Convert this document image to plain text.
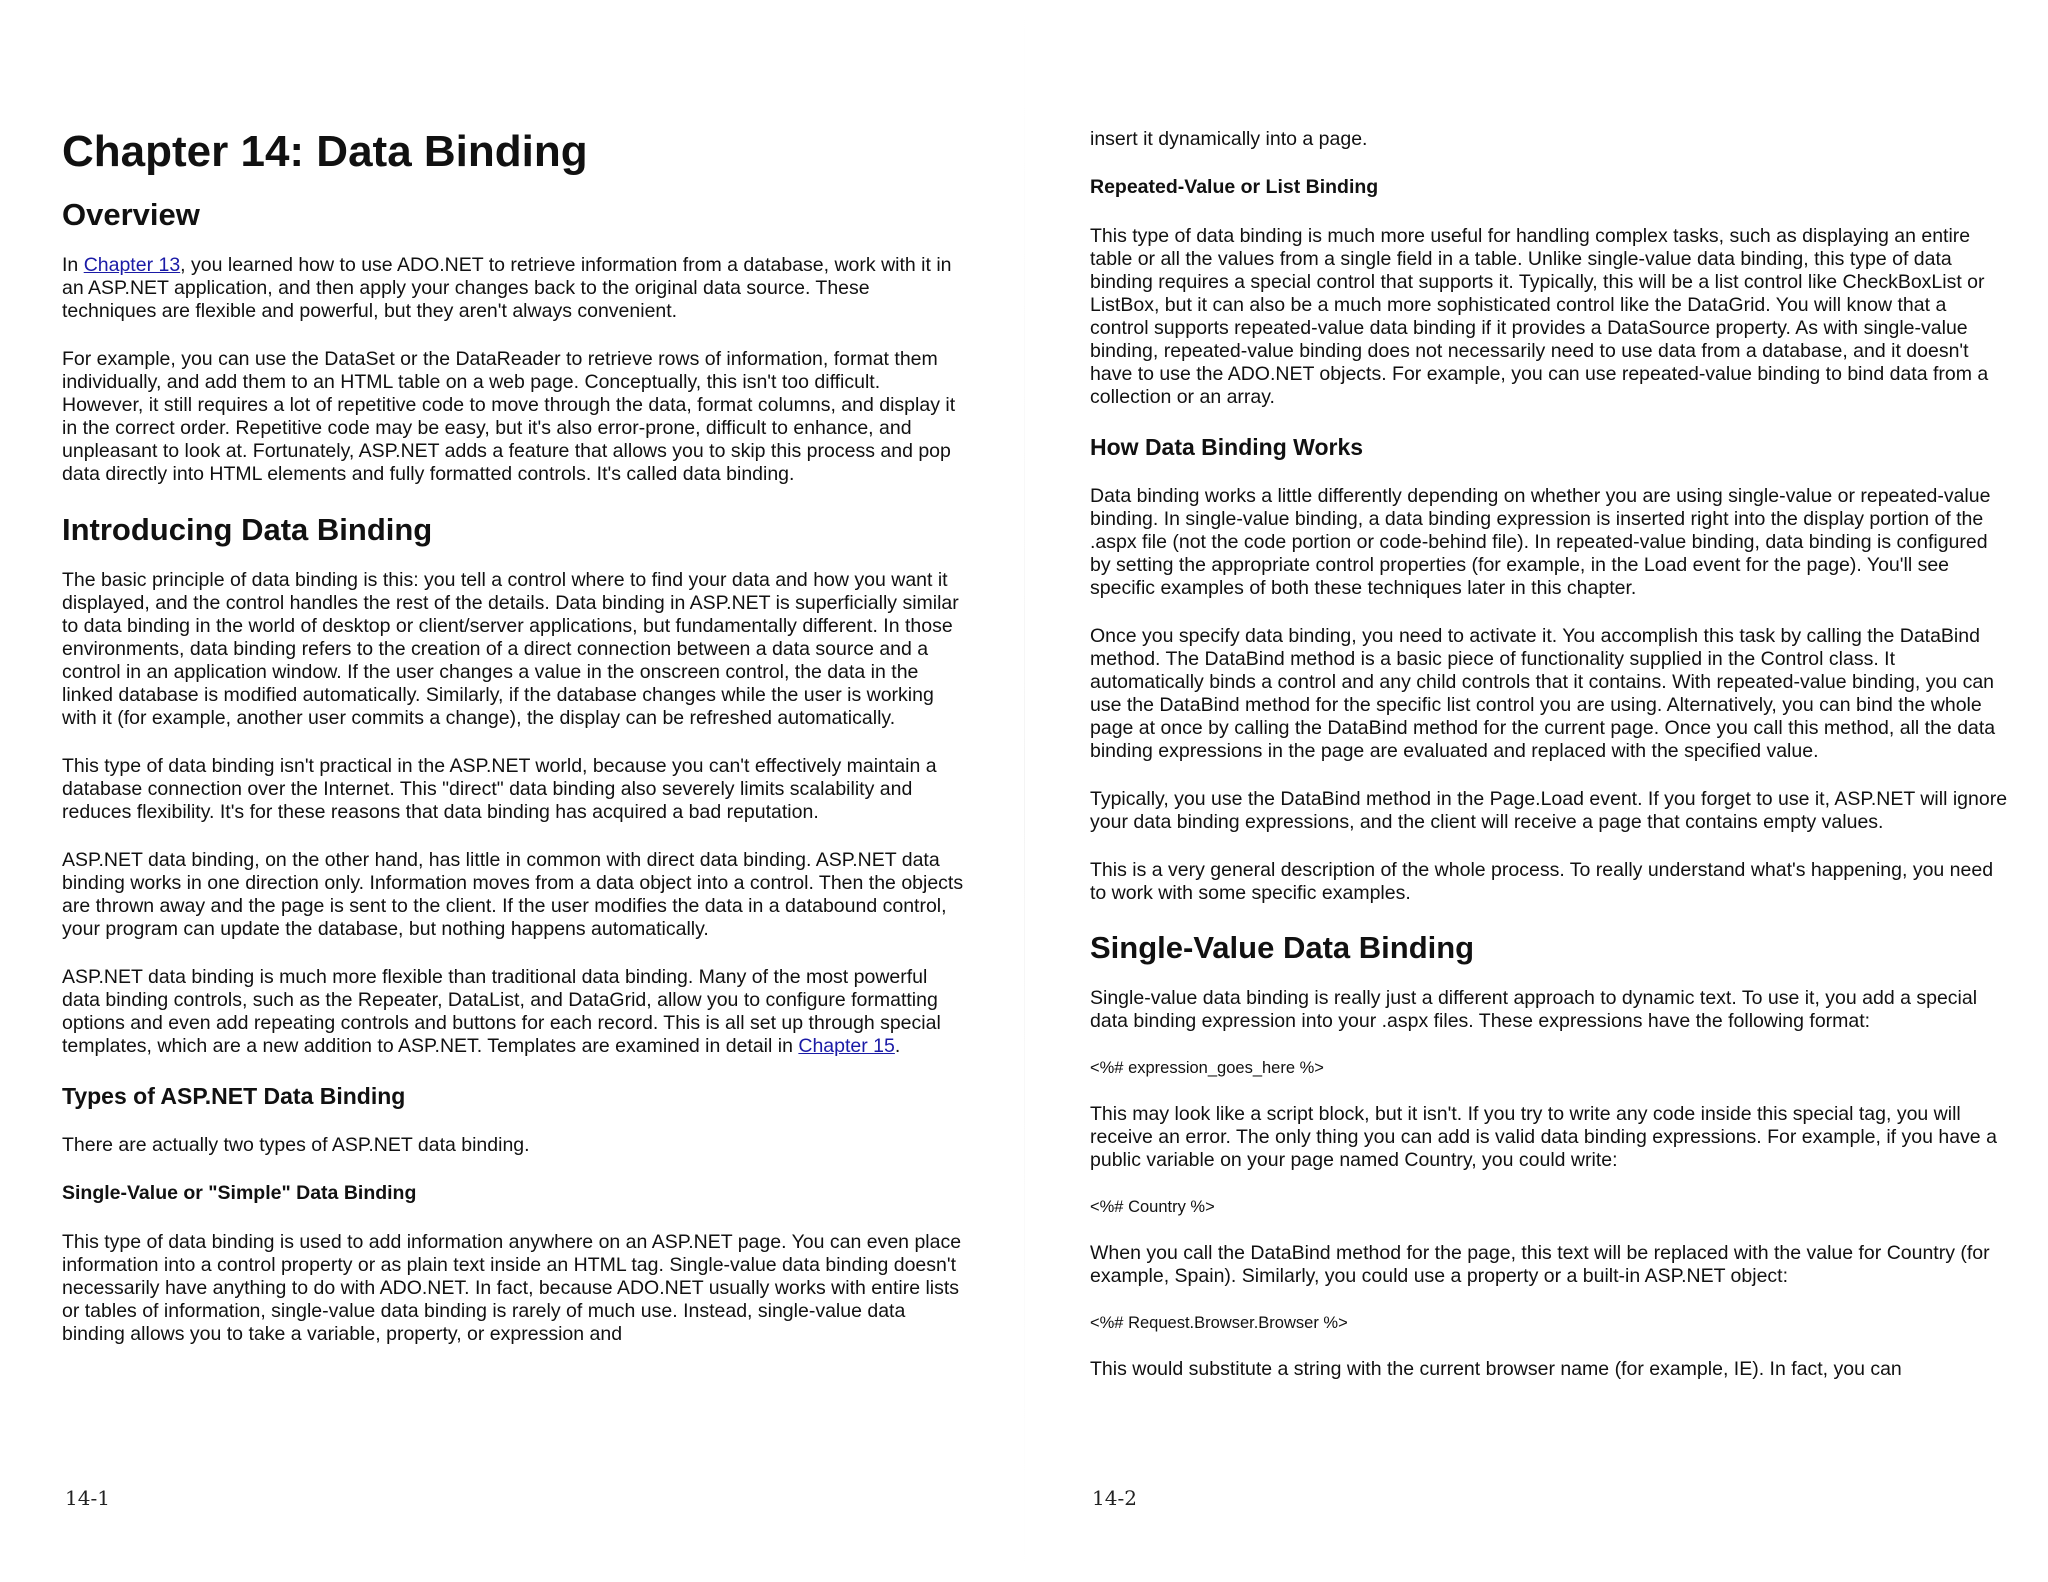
Chapter 14: Data Binding
Overview

In Chapter 13, you learned how to use ADO.NET to retrieve information from a database, work with it in an ASP.NET application, and then apply your changes back to the original data source. These techniques are flexible and powerful, but they aren't always convenient.

For example, you can use the DataSet or the DataReader to retrieve rows of information, format them individually, and add them to an HTML table on a web page. Conceptually, this isn't too difficult. However, it still requires a lot of repetitive code to move through the data, format columns, and display it in the correct order. Repetitive code may be easy, but it's also error-prone, difficult to enhance, and unpleasant to look at. Fortunately, ASP.NET adds a feature that allows you to skip this process and pop data directly into HTML elements and fully formatted controls. It's called data binding.

Introducing Data Binding

The basic principle of data binding is this: you tell a control where to find your data and how you want it displayed, and the control handles the rest of the details. Data binding in ASP.NET is superficially similar to data binding in the world of desktop or client/server applications, but fundamentally different. In those environments, data binding refers to the creation of a direct connection between a data source and a control in an application window. If the user changes a value in the onscreen control, the data in the linked database is modified automatically. Similarly, if the database changes while the user is working with it (for example, another user commits a change), the display can be refreshed automatically.

This type of data binding isn't practical in the ASP.NET world, because you can't effectively maintain a database connection over the Internet. This "direct" data binding also severely limits scalability and reduces flexibility. It's for these reasons that data binding has acquired a bad reputation.

ASP.NET data binding, on the other hand, has little in common with direct data binding. ASP.NET data binding works in one direction only. Information moves from a data object into a control. Then the objects are thrown away and the page is sent to the client. If the user modifies the data in a databound control, your program can update the database, but nothing happens automatically.

ASP.NET data binding is much more flexible than traditional data binding. Many of the most powerful data binding controls, such as the Repeater, DataList, and DataGrid, allow you to configure formatting options and even add repeating controls and buttons for each record. This is all set up through special templates, which are a new addition to ASP.NET. Templates are examined in detail in Chapter 15.

Types of ASP.NET Data Binding

There are actually two types of ASP.NET data binding.

Single-Value or "Simple" Data Binding

This type of data binding is used to add information anywhere on an ASP.NET page. You can even place information into a control property or as plain text inside an HTML tag. Single-value data binding doesn't necessarily have anything to do with ADO.NET. In fact, because ADO.NET usually works with entire lists or tables of information, single-value data binding is rarely of much use. Instead, single-value data binding allows you to take a variable, property, or expression and

14-1

insert it dynamically into a page.

Repeated-Value or List Binding

This type of data binding is much more useful for handling complex tasks, such as displaying an entire table or all the values from a single field in a table. Unlike single-value data binding, this type of data binding requires a special control that supports it. Typically, this will be a list control like CheckBoxList or ListBox, but it can also be a much more sophisticated control like the DataGrid. You will know that a control supports repeated-value data binding if it provides a DataSource property. As with single-value binding, repeated-value binding does not necessarily need to use data from a database, and it doesn't have to use the ADO.NET objects. For example, you can use repeated-value binding to bind data from a collection or an array.

How Data Binding Works

Data binding works a little differently depending on whether you are using single-value or repeated-value binding. In single-value binding, a data binding expression is inserted right into the display portion of the .aspx file (not the code portion or code-behind file). In repeated-value binding, data binding is configured by setting the appropriate control properties (for example, in the Load event for the page). You'll see specific examples of both these techniques later in this chapter.

Once you specify data binding, you need to activate it. You accomplish this task by calling the DataBind method. The DataBind method is a basic piece of functionality supplied in the Control class. It automatically binds a control and any child controls that it contains. With repeated-value binding, you can use the DataBind method for the specific list control you are using. Alternatively, you can bind the whole page at once by calling the DataBind method for the current page. Once you call this method, all the data binding expressions in the page are evaluated and replaced with the specified value.

Typically, you use the DataBind method in the Page.Load event. If you forget to use it, ASP.NET will ignore your data binding expressions, and the client will receive a page that contains empty values.

This is a very general description of the whole process. To really understand what's happening, you need to work with some specific examples.

Single-Value Data Binding

Single-value data binding is really just a different approach to dynamic text. To use it, you add a special data binding expression into your .aspx files. These expressions have the following format:

<%# expression_goes_here %>

This may look like a script block, but it isn't. If you try to write any code inside this special tag, you will receive an error. The only thing you can add is valid data binding expressions. For example, if you have a public variable on your page named Country, you could write:

<%# Country %>

When you call the DataBind method for the page, this text will be replaced with the value for Country (for example, Spain). Similarly, you could use a property or a built-in ASP.NET object:

<%# Request.Browser.Browser %>

This would substitute a string with the current browser name (for example, IE). In fact, you can

14-2
